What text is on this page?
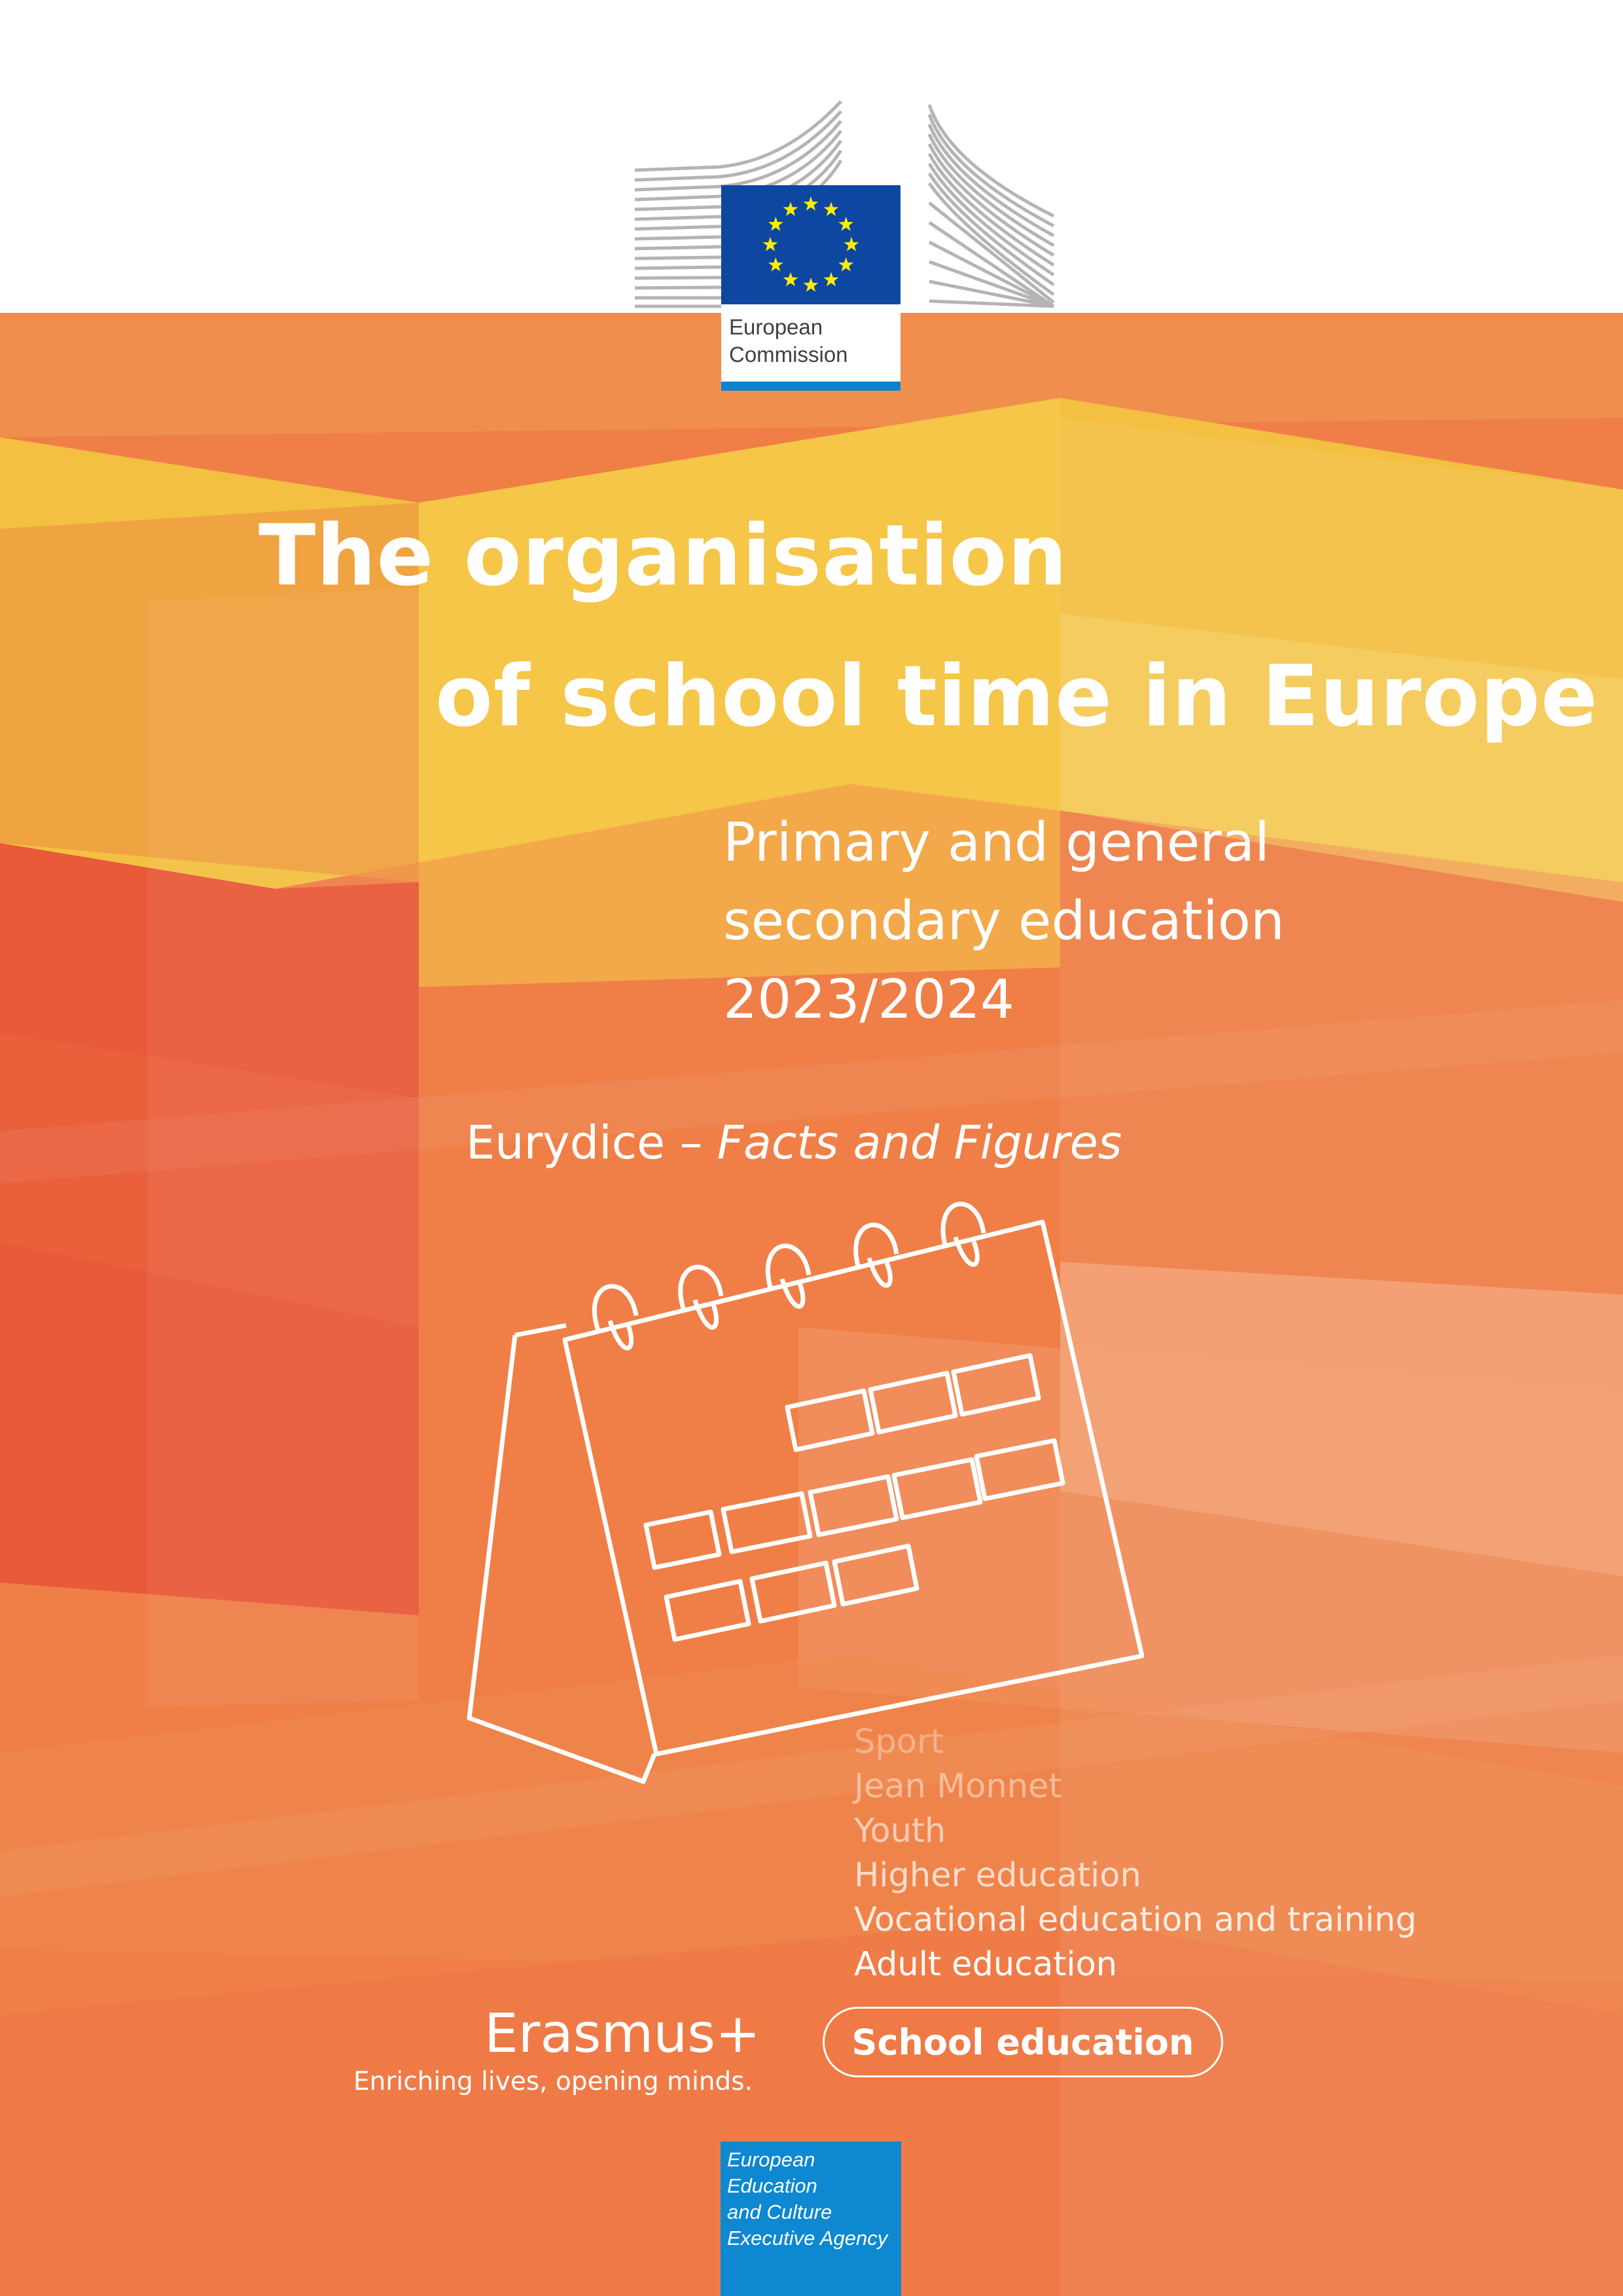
European
Commission
The organisation
of school time in Europe
Primary and general
secondary education
2023/2024
Eurydice – Facts and Figures
Sport
Jean Monnet
Youth
Higher education
Vocational education and training
Adult education
Erasmus+
Enriching lives, opening minds.
School education
European Education
and Culture
Executive Agency
